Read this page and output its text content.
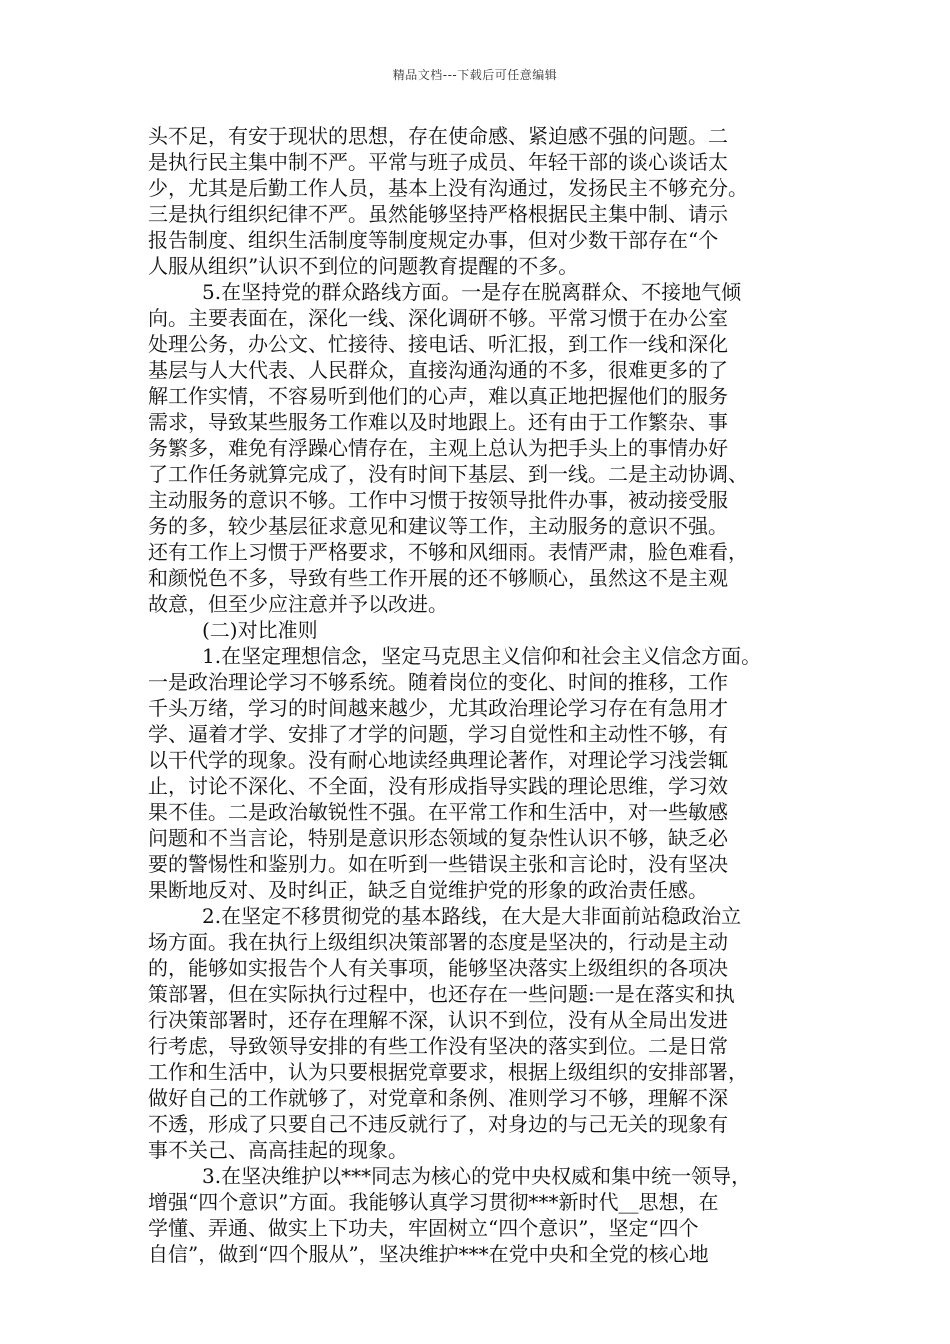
精品文档---下载后可任意编辑
头不足，有安于现状的思想，存在使命感、紧迫感不强的问题。二
是执行民主集中制不严。平常与班子成员、年轻干部的谈心谈话太
少，尤其是后勤工作人员，基本上没有沟通过，发扬民主不够充分。
三是执行组织纪律不严。虽然能够坚持严格根据民主集中制、请示
报告制度、组织生活制度等制度规定办事，但对少数干部存在“个
人服从组织”认识不到位的问题教育提醒的不多。
5.在坚持党的群众路线方面。一是存在脱离群众、不接地气倾
向。主要表面在，深化一线、深化调研不够。平常习惯于在办公室
处理公务，办公文、忙接待、接电话、听汇报，到工作一线和深化
基层与人大代表、人民群众，直接沟通沟通的不多，很难更多的了
解工作实情，不容易听到他们的心声，难以真正地把握他们的服务
需求，导致某些服务工作难以及时地跟上。还有由于工作繁杂、事
务繁多，难免有浮躁心情存在，主观上总认为把手头上的事情办好
了工作任务就算完成了，没有时间下基层、到一线。二是主动协调、
主动服务的意识不够。工作中习惯于按领导批件办事，被动接受服
务的多，较少基层征求意见和建议等工作，主动服务的意识不强。
还有工作上习惯于严格要求，不够和风细雨。表情严肃，脸色难看，
和颜悦色不多，导致有些工作开展的还不够顺心，虽然这不是主观
故意，但至少应注意并予以改进。
(二)对比准则
1.在坚定理想信念，坚定马克思主义信仰和社会主义信念方面。
一是政治理论学习不够系统。随着岗位的变化、时间的推移，工作
千头万绪，学习的时间越来越少，尤其政治理论学习存在有急用才
学、逼着才学、安排了才学的问题，学习自觉性和主动性不够，有
以干代学的现象。没有耐心地读经典理论著作，对理论学习浅尝辄
止，讨论不深化、不全面，没有形成指导实践的理论思维，学习效
果不佳。二是政治敏锐性不强。在平常工作和生活中，对一些敏感
问题和不当言论，特别是意识形态领域的复杂性认识不够，缺乏必
要的警惕性和鉴别力。如在听到一些错误主张和言论时，没有坚决
果断地反对、及时纠正，缺乏自觉维护党的形象的政治责任感。
2.在坚定不移贯彻党的基本路线，在大是大非面前站稳政治立
场方面。我在执行上级组织决策部署的态度是坚决的，行动是主动
的，能够如实报告个人有关事项，能够坚决落实上级组织的各项决
策部署，但在实际执行过程中，也还存在一些问题:一是在落实和执
行决策部署时，还存在理解不深，认识不到位，没有从全局出发进
行考虑，导致领导安排的有些工作没有坚决的落实到位。二是日常
工作和生活中，认为只要根据党章要求，根据上级组织的安排部署，
做好自己的工作就够了，对党章和条例、准则学习不够，理解不深
不透，形成了只要自己不违反就行了，对身边的与己无关的现象有
事不关己、高高挂起的现象。
3.在坚决维护以***同志为核心的党中央权威和集中统一领导，
增强“四个意识”方面。我能够认真学习贯彻***新时代__思想，在
学懂、弄通、做实上下功夫，牢固树立“四个意识”，坚定“四个
自信”，做到“四个服从”，坚决维护***在党中央和全党的核心地
